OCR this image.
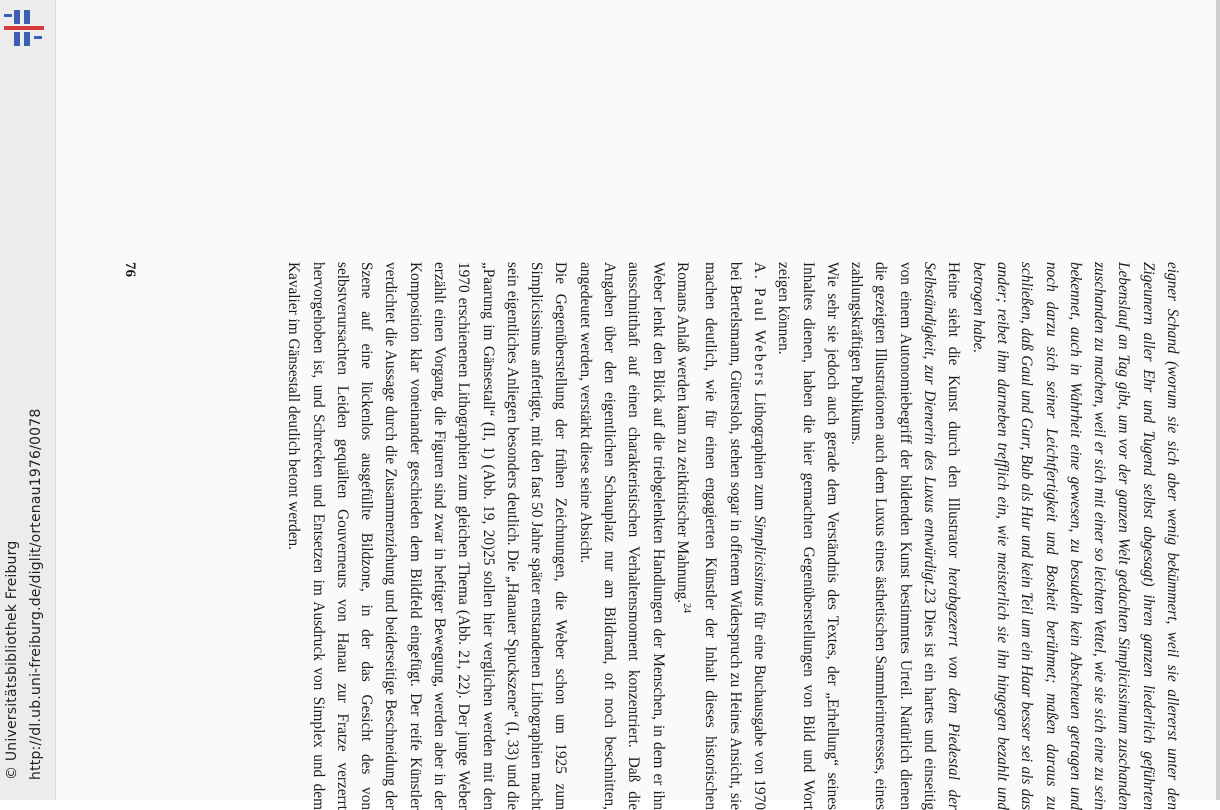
http://dl.ub.uni-freiburg.de/diglit/ortenau1976/0078
© Universitätsbibliothek Freiburg	eigner Schand (worum sie sich aber wenig bekümmert, weil sie allererst unter den Zigeunern aller Ehr und Tugend selbst abgesagt) ihren ganzen liederlich geführten Lebenslauf an Tag gibt, um vor der ganzen Welt gedachten Simplicissimum zuschanden zuschanden zu machen, weil er sich mit einer so leichten Vettel, wie sie sich eine zu sein bekennet, auch in Wahrheit eine gewesen, zu besudeln kein Abscheuen getragen und noch darzu sich seiner Leichtfertigkeit und Bosheit berühmet; maßen daraus zu schließen, daß Gaul und Gurr, Bub als Hur und kein Teil um ein Haar besser sei als das ander; reibet ihm darneben trefflich ein, wie meisterlich sie ihn hingegen bezahlt und betrogen habe.

Heine sieht die Kunst durch den Illustrator herabgezerrt von dem Piedestal der Selbständigkeit, zur Dienerin des Luxus entwürdigt.23 Dies ist ein hartes und einseitig von einem Autonomiebegriff der bildenden Kunst bestimmtes Urteil. Natürlich dienen die gezeigten Illustrationen auch dem Luxus eines ästhetischen Sammlerinteresses, eines zahlungskräftigen Publikums.

Wie sehr sie jedoch auch gerade dem Verständnis des Textes, der „Erhellung“ seines Inhaltes dienen, haben die hier gemachten Gegenüberstellungen von Bild und Wort zeigen können.

A. Paul Webers Lithographien zum Simplicissimus für eine Buchausgabe von 1970 bei Bertelsmann, Gütersloh, stehen sogar in offenem Widerspruch zu Heines Ansicht, sie machen deutlich, wie für einen engagierten Künstler der Inhalt dieses historischen Romans Anlaß werden kann zu zeitkritischer Mahnung.$^{24}$

Weber lenkt den Blick auf die triebgelenkten Handlungen der Menschen, in dem er ihn ausschnitthaft auf einen charakteristischen Verhaltensmoment konzentriert. Daß die Angaben über den eigentlichen Schauplatz nur am Bildrand, oft noch beschnitten, angedeutet werden, verstärkt diese seine Absicht.

Die Gegenüberstellung der frühen Zeichnungen, die Weber schon um 1925 zum Simplicissimus anfertigte, mit den fast 50 Jahre später entstandenen Lithographien macht sein eigentliches Anliegen besonders deutlich. Die „Hanauer Spuckszene“ (I, 33) und die „Paarung im Gänsestall“ (II, 1) (Abb. 19, 20)25 sollen hier verglichen werden mit den 1970 erschienenen Lithographien zum gleichen Thema (Abb. 21, 22). Der junge Weber erzählt einen Vorgang, die Figuren sind zwar in heftiger Bewegung, werden aber in der Komposition klar voneinander geschieden dem Bildfeld eingefügt. Der reife Künstler verdichtet die Aussage durch die Zusammenziehung und beiderseitige Beschneidung der Szene auf eine lückenlos ausgefüllte Bildzone, in der das Gesicht des von selbstverursachten Leiden gequälten Gouverneurs von Hanau zur Fratze verzerrt hervorgehoben ist, und Schrecken und Entsetzen im Ausdruck von Simplex und dem Kavalier im Gänsestall deutlich betont werden.

76
